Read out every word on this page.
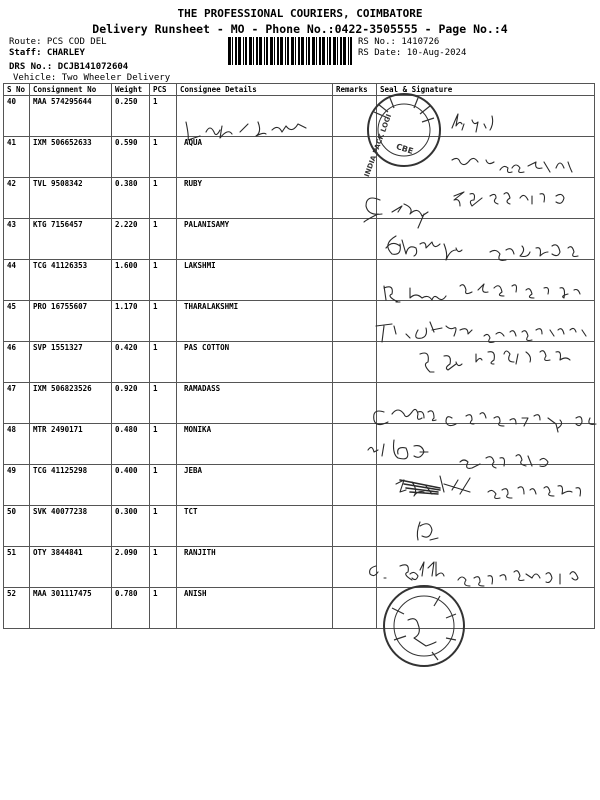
THE PROFESSIONAL COURIERS, COIMBATORE
Delivery Runsheet - MO - Phone No.:0422-3505555 - Page No.:4
Route: PCS COD DEL
Staff: CHARLEY
DRS No.: DCJB141072604
Vehicle: Two Wheeler Delivery
RS No.: 1410726
RS Date: 10-Aug-2024
S No	Consignment No	Weight	PCS	Consignee Details	Remarks	Seal & Signature
40	MAA 574295644	0.250	1			
41	IXM 506652633	0.590	1	AQUA		
42	TVL 9508342	0.380	1	RUBY		
43	KTG 7156457	2.220	1	PALANISAMY		
44	TCG 41126353	1.600	1	LAKSHMI		
45	PRO 16755607	1.170	1	THARALAKSHMI		
46	SVP 1551327	0.420	1	PAS COTTON		
47	IXM 506823526	0.920	1	RAMADASS		
48	MTR 2490171	0.480	1	MONIKA		
49	TCG 41125298	0.400	1	JEBA		
50	SVK 40077238	0.300	1	TCT		
51	OTY 3844841	2.090	1	RANJITH		
52	MAA 301117475	0.780	1	ANISH		
CBE
INDIA PACK LOGI
